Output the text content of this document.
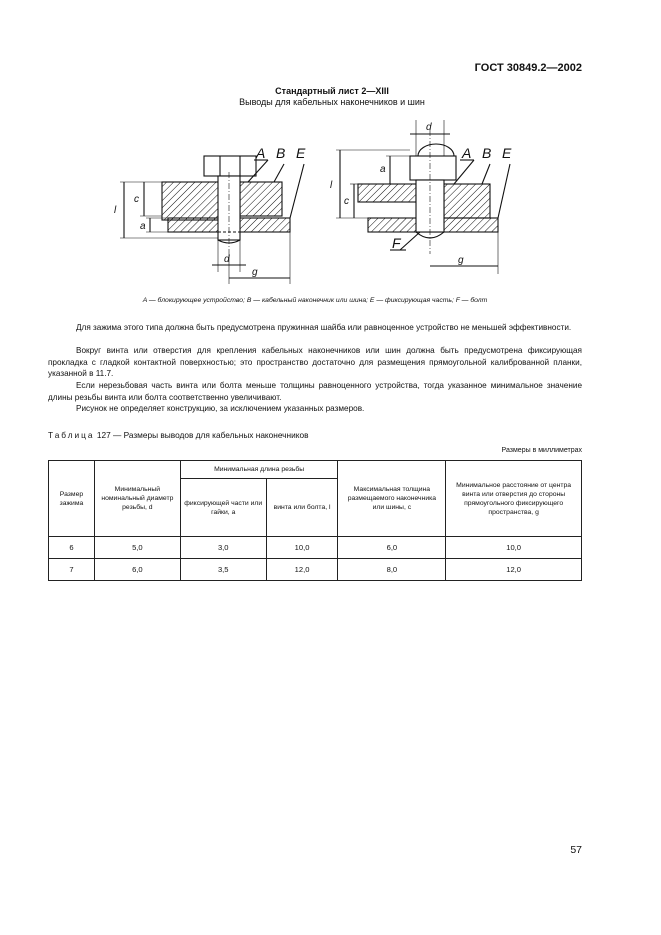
ГОСТ 30849.2—2002
Стандартный лист 2—XIII
Выводы для кабельных наконечников и шин
A B E
l
c
a
d
g
A B E
F
d
l
c
a
g
A — блокирующее устройство; B — кабельный наконечник или шина; E — фиксирующая часть; F — болт
Для зажима этого типа должна быть предусмотрена пружинная шайба или равноценное устройство не меньшей эффективности.
Вокруг винта или отверстия для крепления кабельных наконечников или шин должна быть предусмотрена фиксирующая прокладка с гладкой контактной поверхностью; это пространство достаточно для размещения прямоугольной калиброванной планки, указанной в 11.7.
Если нерезьбовая часть винта или болта меньше толщины равноценного устройства, тогда указанное минимальное значение длины резьбы винта или болта соответственно увеличивают.
Рисунок не определяет конструкцию, за исключением указанных размеров.
Таблица 127 — Размеры выводов для кабельных наконечников
Размеры в миллиметрах
Размер зажима	Минимальный номинальный диаметр резьбы, d	Минимальная длина резьбы		Максимальная толщина размещаемого наконечника или шины, c	Минимальное расстояние от центра винта или отверстия до стороны прямоугольного фиксирующего пространства, g
		фиксирующей части или гайки, a	винта или болта, l		
6	5,0	3,0	10,0	6,0	10,0
7	6,0	3,5	12,0	8,0	12,0
57
